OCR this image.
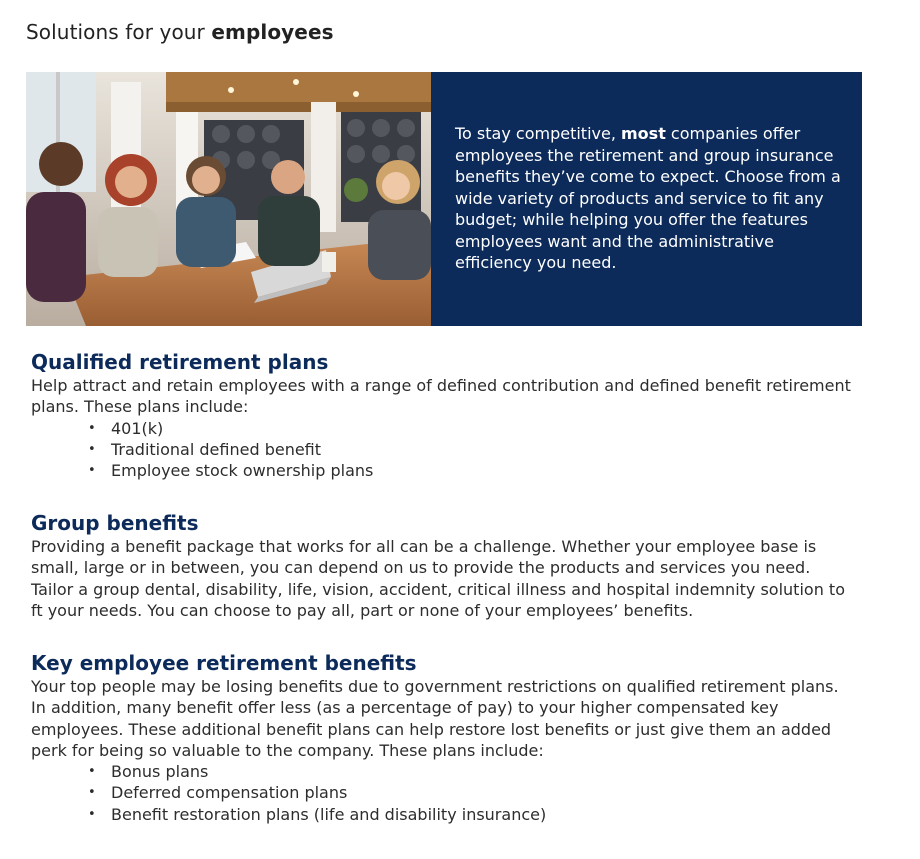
Solutions for your employees
To stay competitive, most companies offer employees the retirement and group insurance benefits they’ve come to expect. Choose from a wide variety of products and service to fit any budget; while helping you offer the features employees want and the administrative efficiency you need.
Qualified retirement plans

Help attract and retain employees with a range of defined contribution and defined benefit retirement plans. These plans include:

• 401(k)
• Traditional defined benefit
• Employee stock ownership plans
Group benefits

Providing a benefit package that works for all can be a challenge. Whether your employee base is small, large or in between, you can depend on us to provide the products and services you need. Tailor a group dental, disability, life, vision, accident, critical illness and hospital indemnity solution to ft your needs. You can choose to pay all, part or none of your employees’ benefits.

Key employee retirement benefits

Your top people may be losing benefits due to government restrictions on qualified retirement plans. In addition, many benefit offer less (as a percentage of pay) to your higher compensated key employees. These additional benefit plans can help restore lost benefits or just give them an added perk for being so valuable to the company. These plans include:

• Bonus plans
• Deferred compensation plans
• Benefit restoration plans (life and disability insurance)
